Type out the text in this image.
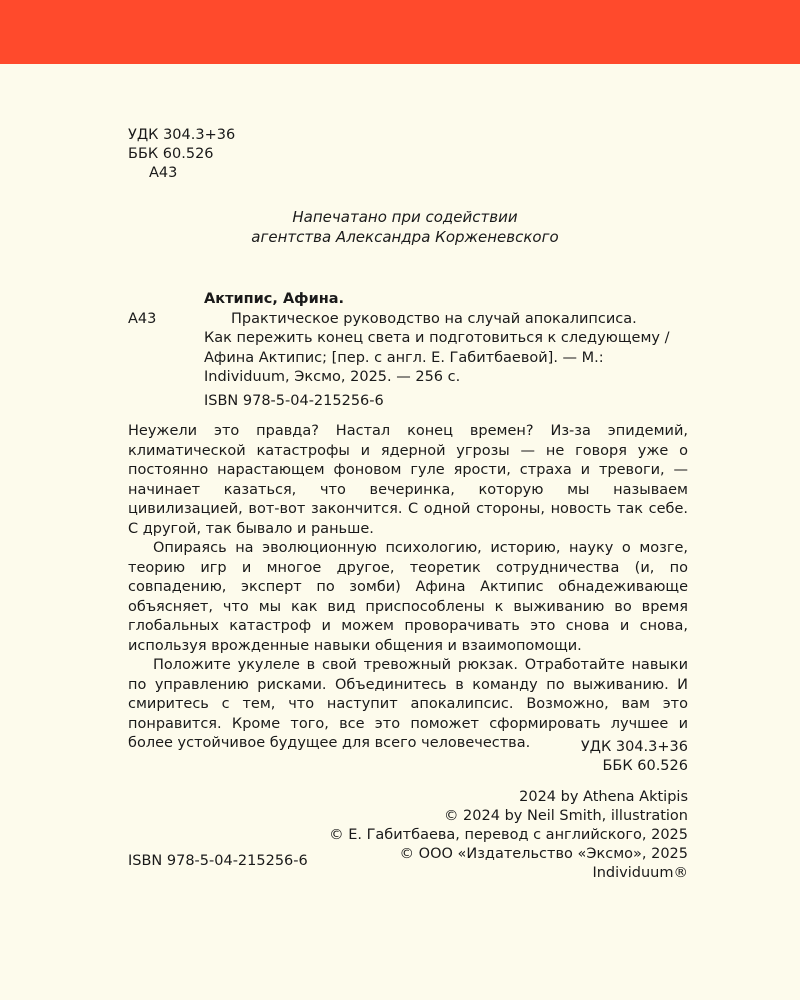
УДК 304.3+36
ББК 60.526
А43
Напечатано при содействии
агентства Александра Корженевского
А43
Актипис, Афина.
Практическое руководство на случай апокалипсиса.
Как пережить конец света и подготовиться к следующему /
Афина Актипис; [пер. с англ. Е. Габитбаевой]. — М.:
Individuum, Эксмо, 2025. — 256 с.
ISBN 978-5-04-215256-6

Неужели это правда? Настал конец времен? Из-за эпидемий, климатической катастрофы и ядерной угрозы — не говоря уже о постоянно нарастающем фоновом гуле ярости, страха и тревоги, — начинает казаться, что вечеринка, которую мы называем цивилизацией, вот-вот закончится. С одной стороны, новость так себе. С другой, так бывало и раньше.

Опираясь на эволюционную психологию, историю, науку о мозге, теорию игр и многое другое, теоретик сотрудничества (и, по совпадению, эксперт по зомби) Афина Актипис обнадеживающе объясняет, что мы как вид приспособлены к выживанию во время глобальных катастроф и можем проворачивать это снова и снова, используя врожденные навыки общения и взаимопомощи.

Положите укулеле в свой тревожный рюкзак. Отработайте навыки по управлению рисками. Объединитесь в команду по выживанию. И смиритесь с тем, что наступит апокалипсис. Возможно, вам это понравится. Кроме того, все это поможет сформировать лучшее и более устойчивое будущее для всего человечества.	УДК 304.3+36
ББК 60.526
2024 by Athena Aktipis
© 2024 by Neil Smith, illustration
© Е. Габитбаева, перевод с английского, 2025
© ООО «Издательство «Эксмо», 2025
Individuum®
ISBN 978-5-04-215256-6
